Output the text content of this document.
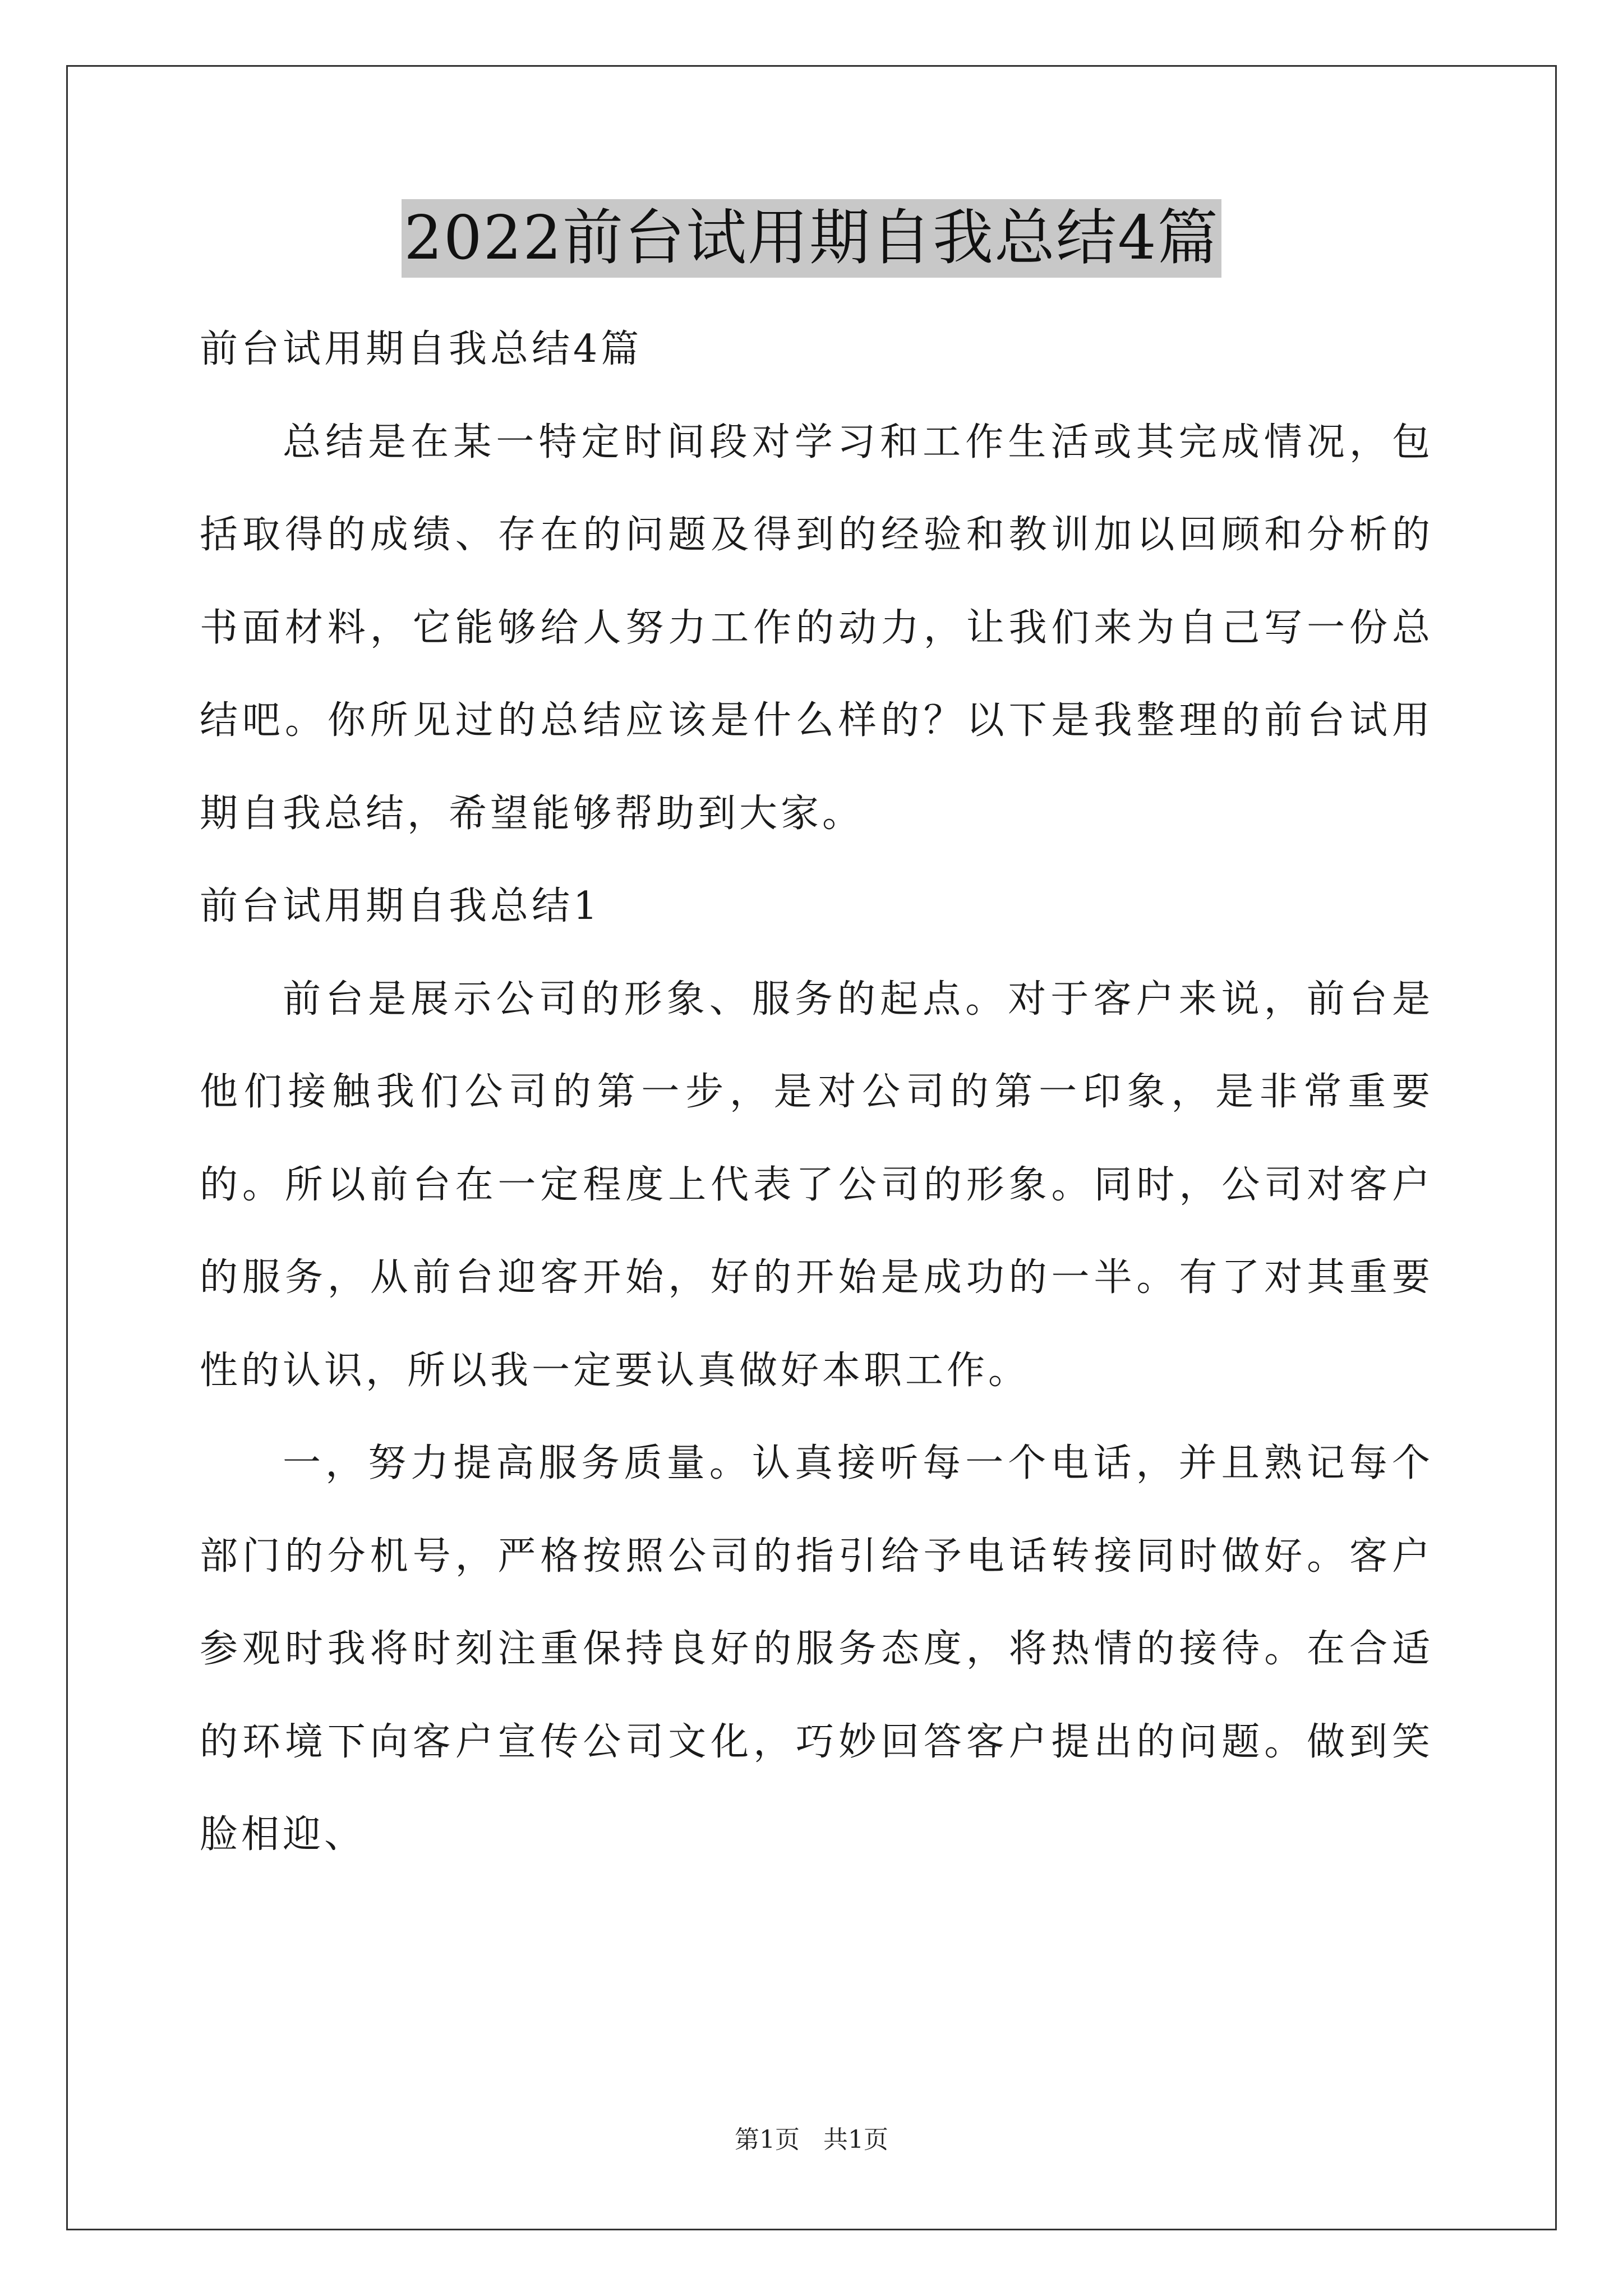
2022前台试用期自我总结4篇

前台试用期自我总结4篇

总结是在某一特定时间段对学习和工作生活或其完成情况，包括取得的成绩、存在的问题及得到的经验和教训加以回顾和分析的书面材料，它能够给人努力工作的动力，让我们来为自己写一份总结吧。你所见过的总结应该是什么样的？以下是我整理的前台试用期自我总结，希望能够帮助到大家。

前台试用期自我总结1

前台是展示公司的形象、服务的起点。对于客户来说，前台是他们接触我们公司的第一步，是对公司的第一印象，是非常重要的。所以前台在一定程度上代表了公司的形象。同时，公司对客户的服务，从前台迎客开始，好的开始是成功的一半。有了对其重要性的认识，所以我一定要认真做好本职工作。

一，努力提高服务质量。认真接听每一个电话，并且熟记每个部门的分机号，严格按照公司的指引给予电话转接同时做好。客户参观时我将时刻注重保持良好的服务态度，将热情的接待。在合适的环境下向客户宣传公司文化，巧妙回答客户提出的问题。做到笑脸相迎、

第1页 共1页
